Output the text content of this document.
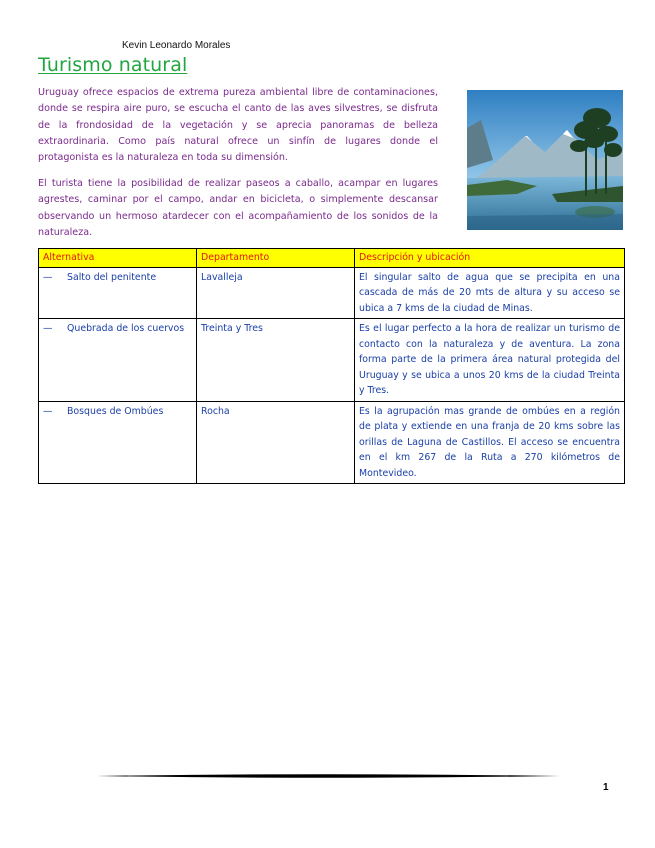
Kevin Leonardo Morales
Turismo natural

Uruguay ofrece espacios de extrema pureza ambiental libre de contaminaciones, donde se respira aire puro, se escucha el canto de las aves silvestres, se disfruta de la frondosidad de la vegetación y se aprecia panoramas de belleza extraordinaria. Como país natural ofrece un sinfín de lugares donde el protagonista es la naturaleza en toda su dimensión.

El turista tiene la posibilidad de realizar paseos a caballo, acampar en lugares agrestes, caminar por el campo, andar en bicicleta, o simplemente descansar observando un hermoso atardecer con el acompañamiento de los sonidos de la naturaleza.

Alternativa	Departamento	Descripción y ubicación

— Salto del penitente	Lavalleja	El singular salto de agua que se precipita en una cascada de más de 20 mts de altura y su acceso se ubica a 7 kms de la ciudad de Minas.

— Quebrada de los cuervos	Treinta y Tres	Es el lugar perfecto a la hora de realizar un turismo de contacto con la naturaleza y de aventura. La zona forma parte de la primera área natural protegida del Uruguay y se ubica a unos 20 kms de la ciudad Treinta y Tres.

— Bosques de Ombúes	Rocha	Es la agrupación mas grande de ombúes en a región de plata y extiende en una franja de 20 kms sobre las orillas de Laguna de Castillos. El acceso se encuentra en el km 267 de la Ruta a 270 kilómetros de Montevideo.
1
